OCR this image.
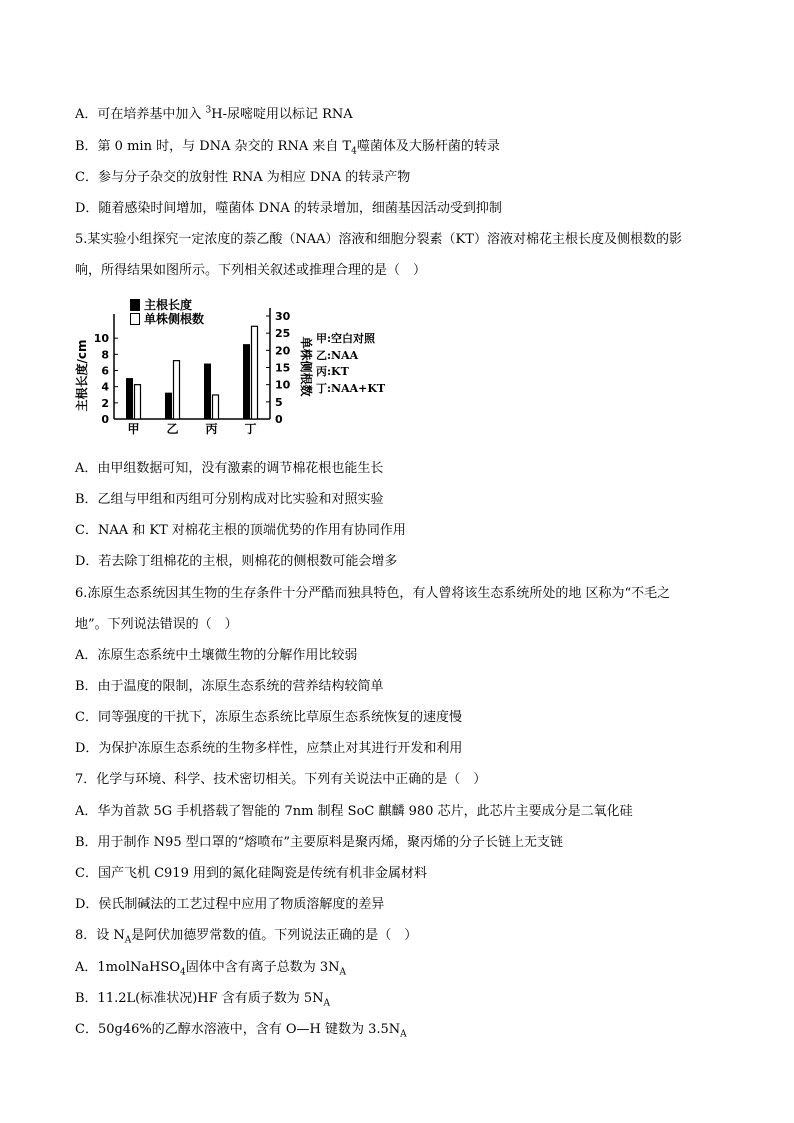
A．可在培养基中加入 $^3$H-尿嘧啶用以标记 RNA
B．第 0 min 时，与 DNA 杂交的 RNA 来自 $T_4$噬菌体及大肠杆菌的转录
C．参与分子杂交的放射性 RNA 为相应 DNA 的转录产物
D．随着感染时间增加，噬菌体 DNA 的转录增加，细菌基因活动受到抑制
5.某实验小组探究一定浓度的萘乙酸（NAA）溶液和细胞分裂素（KT）溶液对棉花主根长度及侧根数的影
响，所得结果如图所示。下列相关叙述或推理合理的是（　）
0
2
4
6
8
10
0
5
10
15
20
25
30
主根长度/cm	单株侧根数
甲 乙 丙 丁
主根长度
单株侧根数
甲:空白对照
乙:NAA
丙:KT
丁:NAA+KT
A．由甲组数据可知，没有激素的调节棉花根也能生长
B．乙组与甲组和丙组可分别构成对比实验和对照实验
C．NAA 和 KT 对棉花主根的顶端优势的作用有协同作用
D．若去除丁组棉花的主根，则棉花的侧根数可能会增多
6.冻原生态系统因其生物的生存条件十分严酷而独具特色，有人曾将该生态系统所处的地 区称为“不毛之
地”。下列说法错误的（　）
A．冻原生态系统中土壤微生物的分解作用比较弱
B．由于温度的限制，冻原生态系统的营养结构较简单
C．同等强度的干扰下，冻原生态系统比草原生态系统恢复的速度慢
D．为保护冻原生态系统的生物多样性，应禁止对其进行开发和利用
7．化学与环境、科学、技术密切相关。下列有关说法中正确的是（　）
A．华为首款 5G 手机搭载了智能的 7nm 制程 SoC 麒麟 980 芯片，此芯片主要成分是二氧化硅
B．用于制作 N95 型口罩的“熔喷布”主要原料是聚丙烯，聚丙烯的分子长链上无支链
C．国产飞机 C919 用到的氮化硅陶瓷是传统有机非金属材料
D．侯氏制碱法的工艺过程中应用了物质溶解度的差异
8．设 $N_A$是阿伏加德罗常数的值。下列说法正确的是（　）
A．1molNaHSO$_4$固体中含有离子总数为 $3N_A$
B．11.2L(标准状况)HF 含有质子数为 $5N_A$
C．50g46%的乙醇水溶液中，含有 O—H 键数为 $3.5N_A$
